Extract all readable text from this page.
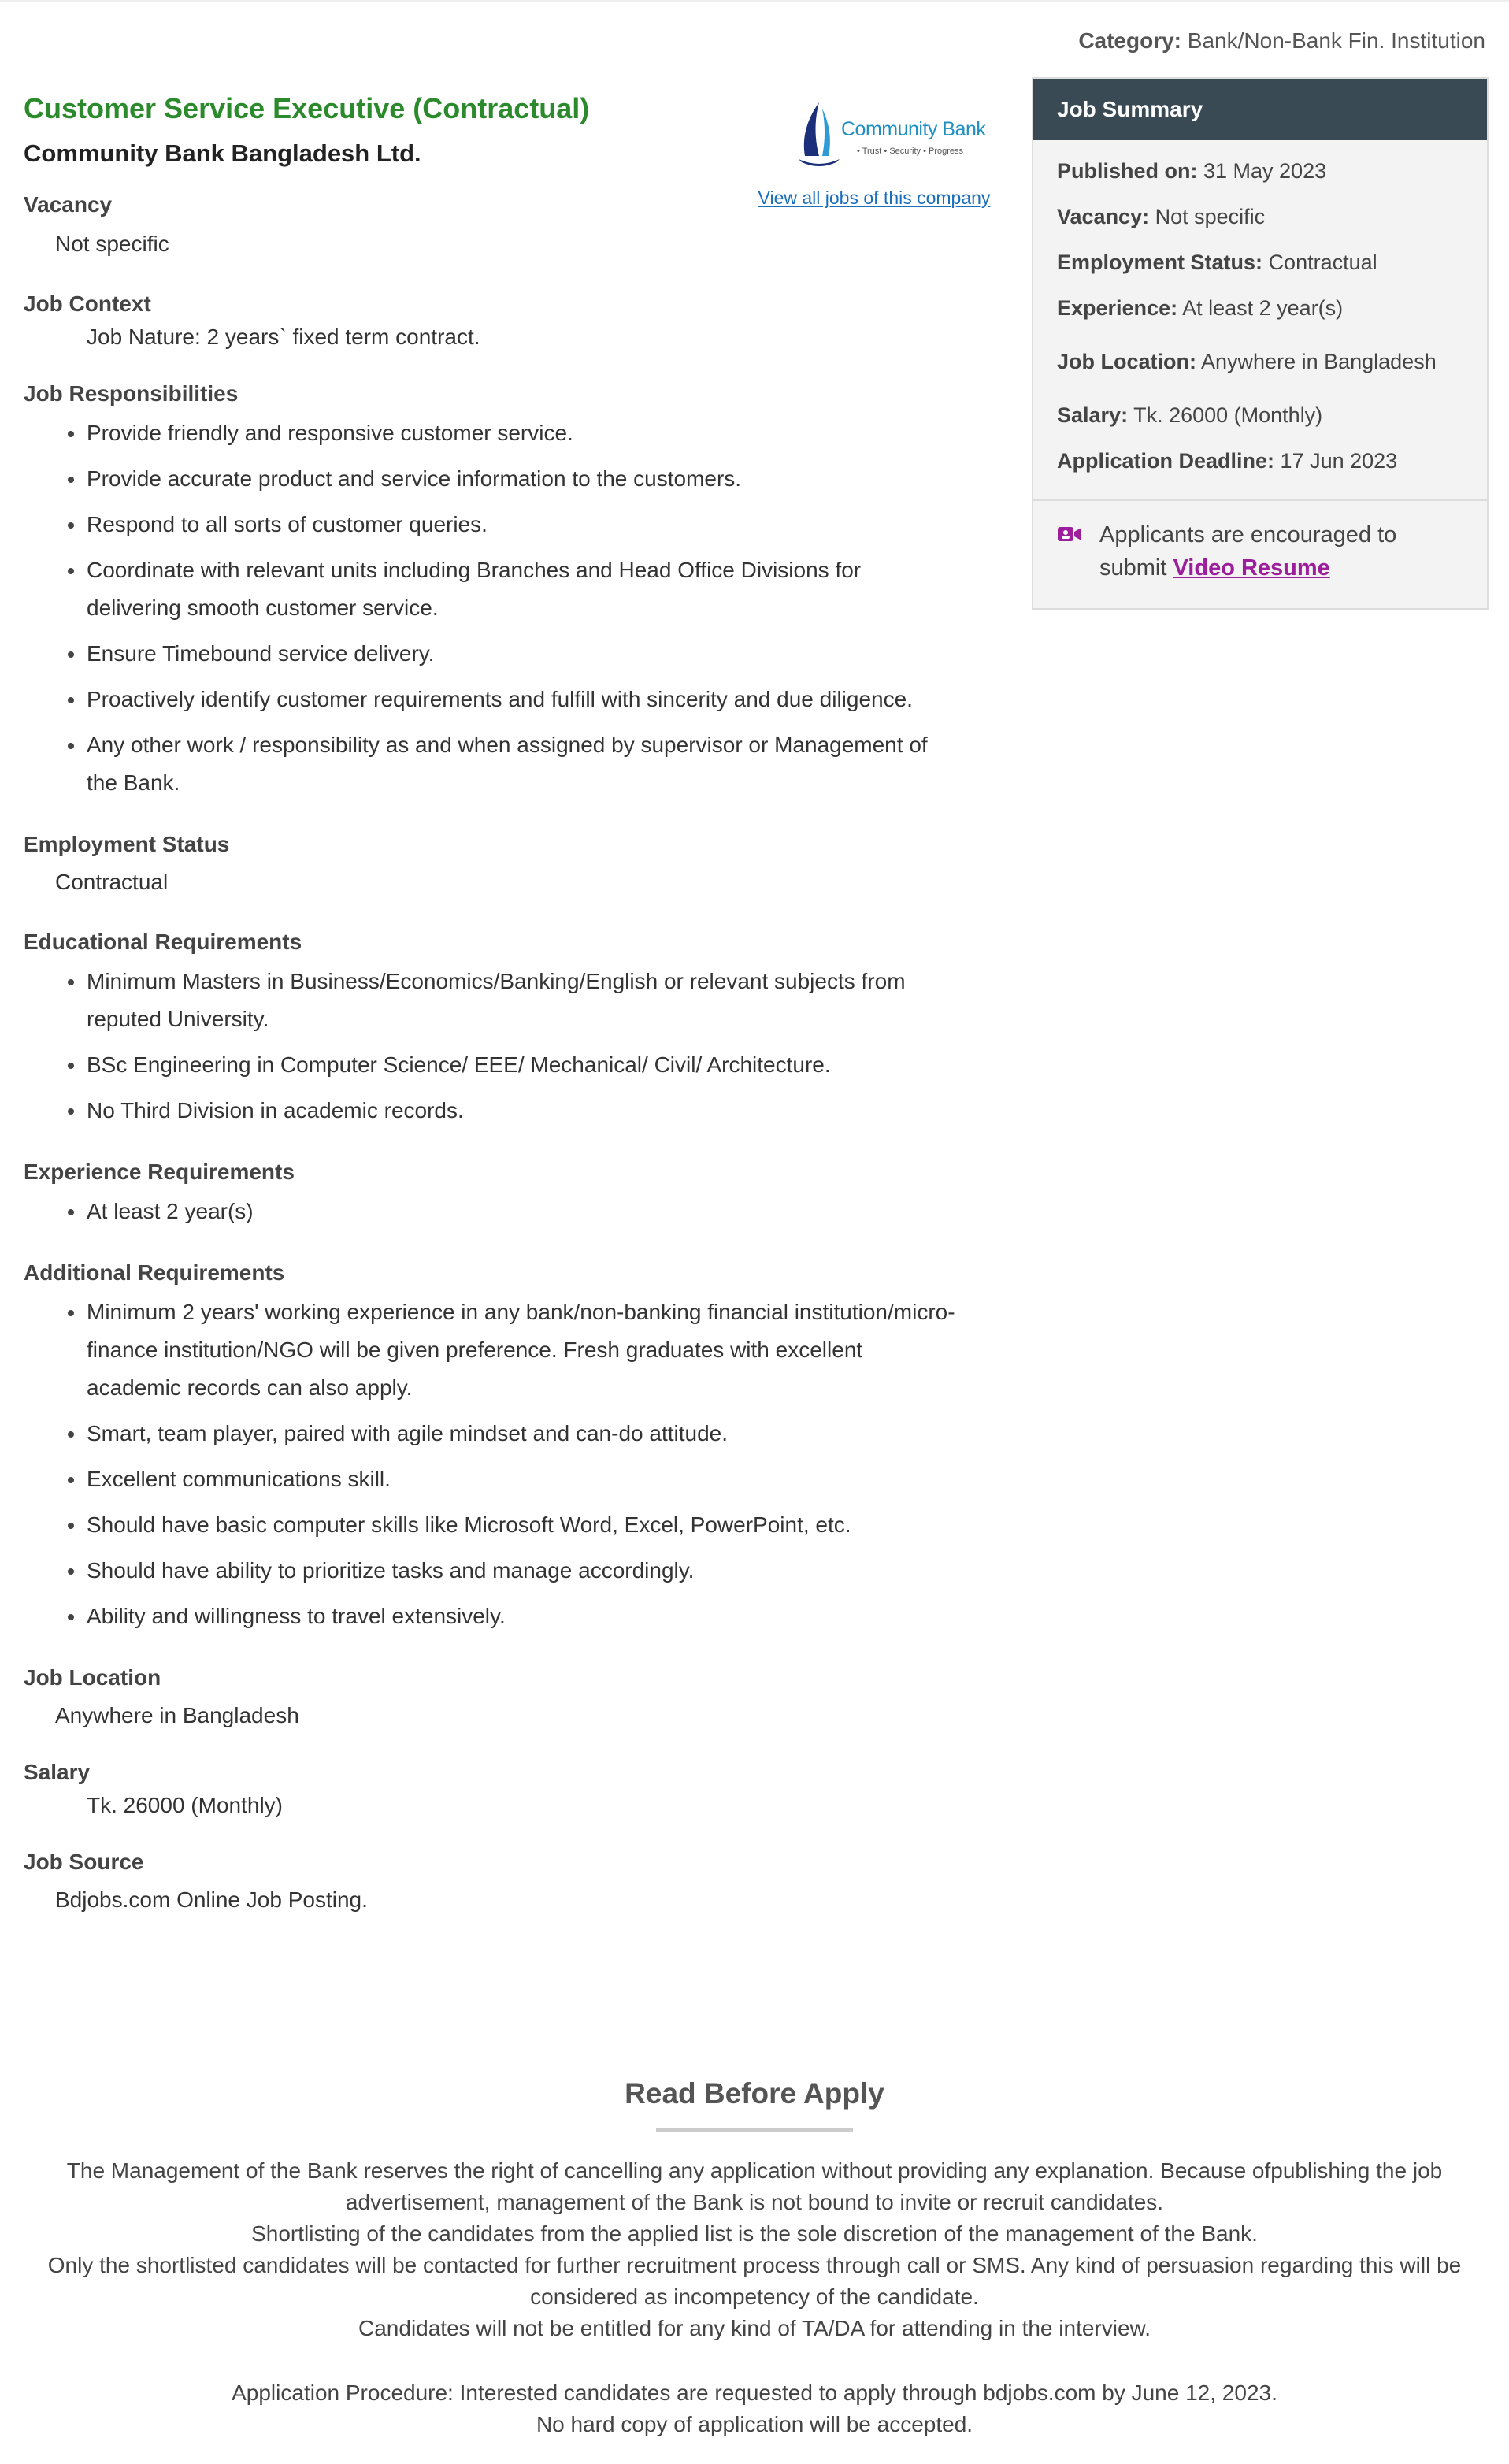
Category: Bank/Non-Bank Fin. Institution
Community Bank
• Trust • Security • Progress
View all jobs of this company
Customer Service Executive (Contractual)
Community Bank Bangladesh Ltd.
Vacancy
Not specific
Job Context
Job Nature: 2 years` fixed term contract.
Job Responsibilities
Provide friendly and responsive customer service.
Provide accurate product and service information to the customers.
Respond to all sorts of customer queries.
Coordinate with relevant units including Branches and Head Office Divisions for delivering smooth customer service.
Ensure Timebound service delivery.
Proactively identify customer requirements and fulfill with sincerity and due diligence.
Any other work / responsibility as and when assigned by supervisor or Management of the Bank.
Employment Status
Contractual
Educational Requirements
Minimum Masters in Business/Economics/Banking/English or relevant subjects from reputed University.
BSc Engineering in Computer Science/ EEE/ Mechanical/ Civil/ Architecture.
No Third Division in academic records.
Experience Requirements
At least 2 year(s)
Additional Requirements
Minimum 2 years' working experience in any bank/non-banking financial institution/micro-finance institution/NGO will be given preference. Fresh graduates with excellent academic records can also apply.
Smart, team player, paired with agile mindset and can-do attitude.
Excellent communications skill.
Should have basic computer skills like Microsoft Word, Excel, PowerPoint, etc.
Should have ability to prioritize tasks and manage accordingly.
Ability and willingness to travel extensively.
Job Location
Anywhere in Bangladesh
Salary
Tk. 26000 (Monthly)
Job Source
Bdjobs.com Online Job Posting.
Job Summary
Published on: 31 May 2023
Vacancy: Not specific
Employment Status: Contractual
Experience: At least 2 year(s)
Job Location: Anywhere in Bangladesh
Salary: Tk. 26000 (Monthly)
Application Deadline: 17 Jun 2023
Applicants are encouraged to submit Video Resume
Read Before Apply

The Management of the Bank reserves the right of cancelling any application without providing any explanation. Because ofpublishing the job advertisement, management of the Bank is not bound to invite or recruit candidates.

Shortlisting of the candidates from the applied list is the sole discretion of the management of the Bank.

Only the shortlisted candidates will be contacted for further recruitment process through call or SMS. Any kind of persuasion regarding this will be considered as incompetency of the candidate.

Candidates will not be entitled for any kind of TA/DA for attending in the interview.

Application Procedure: Interested candidates are requested to apply through bdjobs.com by June 12, 2023.

No hard copy of application will be accepted.
